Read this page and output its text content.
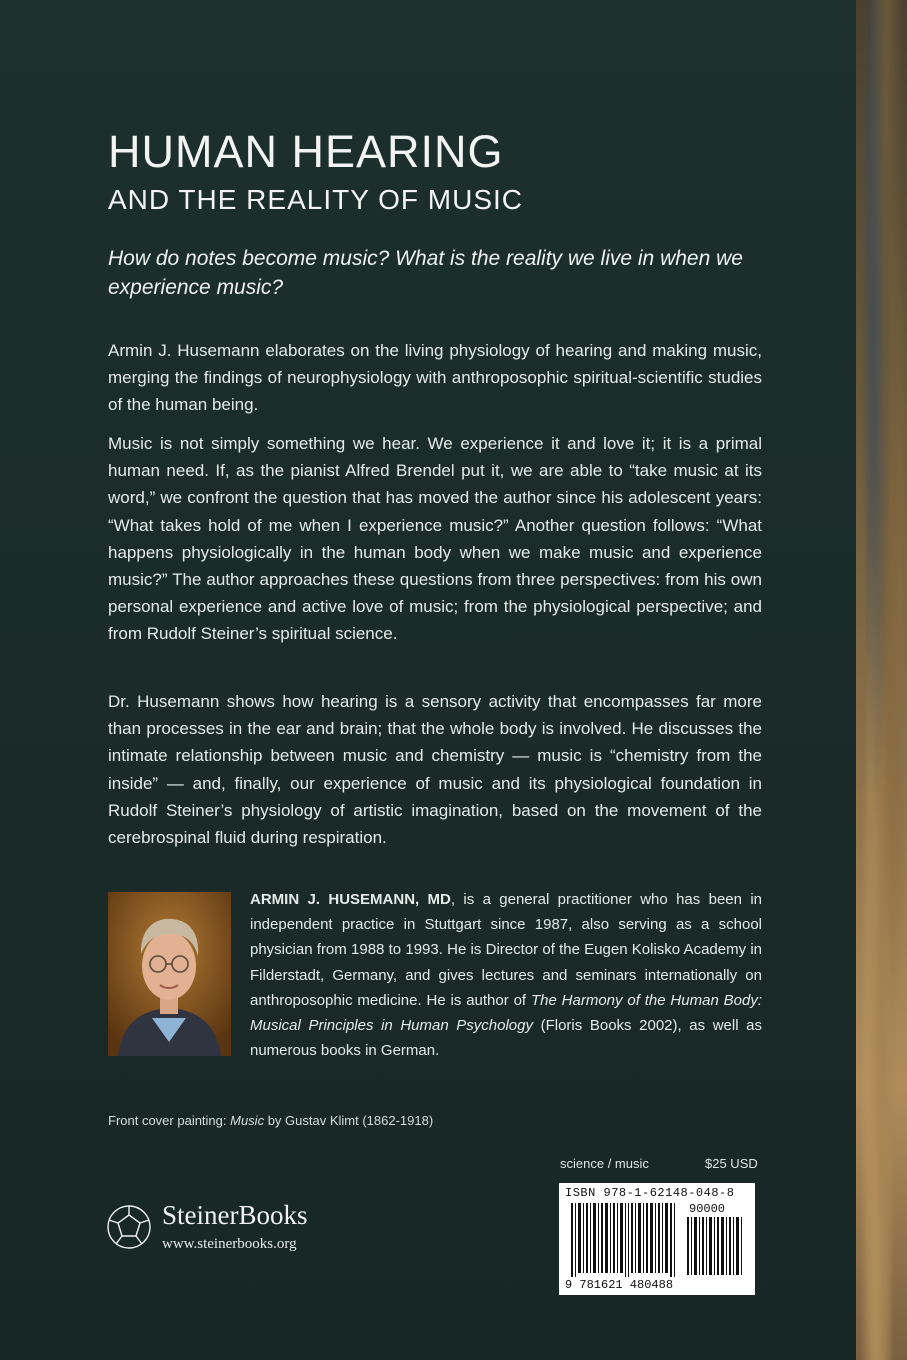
HUMAN HEARING
AND THE REALITY OF MUSIC

How do notes become music? What is the reality we live in when we experience music?

Armin J. Husemann elaborates on the living physiology of hearing and making music, merging the findings of neurophysiology with anthroposophic spiritual-scientific studies of the human being.

Music is not simply something we hear. We experience it and love it; it is a primal human need. If, as the pianist Alfred Brendel put it, we are able to “take music at its word,” we confront the question that has moved the author since his adolescent years: “What takes hold of me when I experience music?” Another question follows: “What happens physiologically in the human body when we make music and experience music?” The author approaches these questions from three perspectives: from his own personal experience and active love of music; from the physiological perspective; and from Rudolf Steiner’s spiritual science.

Dr. Husemann shows how hearing is a sensory activity that encompasses far more than processes in the ear and brain; that the whole body is involved. He discusses the intimate relationship between music and chemistry — music is “chemistry from the inside” — and, finally, our experience of music and its physiological foundation in Rudolf Steiner’s physiology of artistic imagination, based on the movement of the cerebrospinal fluid during respiration.

ARMIN J. HUSEMANN, MD, is a general practitioner who has been in independent practice in Stuttgart since 1987, also serving as a school physician from 1988 to 1993. He is Director of the Eugen Kolisko Academy in Filderstadt, Germany, and gives lectures and seminars internationally on anthroposophic medicine. He is author of The Harmony of the Human Body: Musical Principles in Human Psychology (Floris Books 2002), as well as numerous books in German.

Front cover painting: Music by Gustav Klimt (1862-1918)

science / music	$25 USD
ISBN 978-1-62148-048-8
90000
9 781621 480488
SteinerBooks
www.steinerbooks.org
